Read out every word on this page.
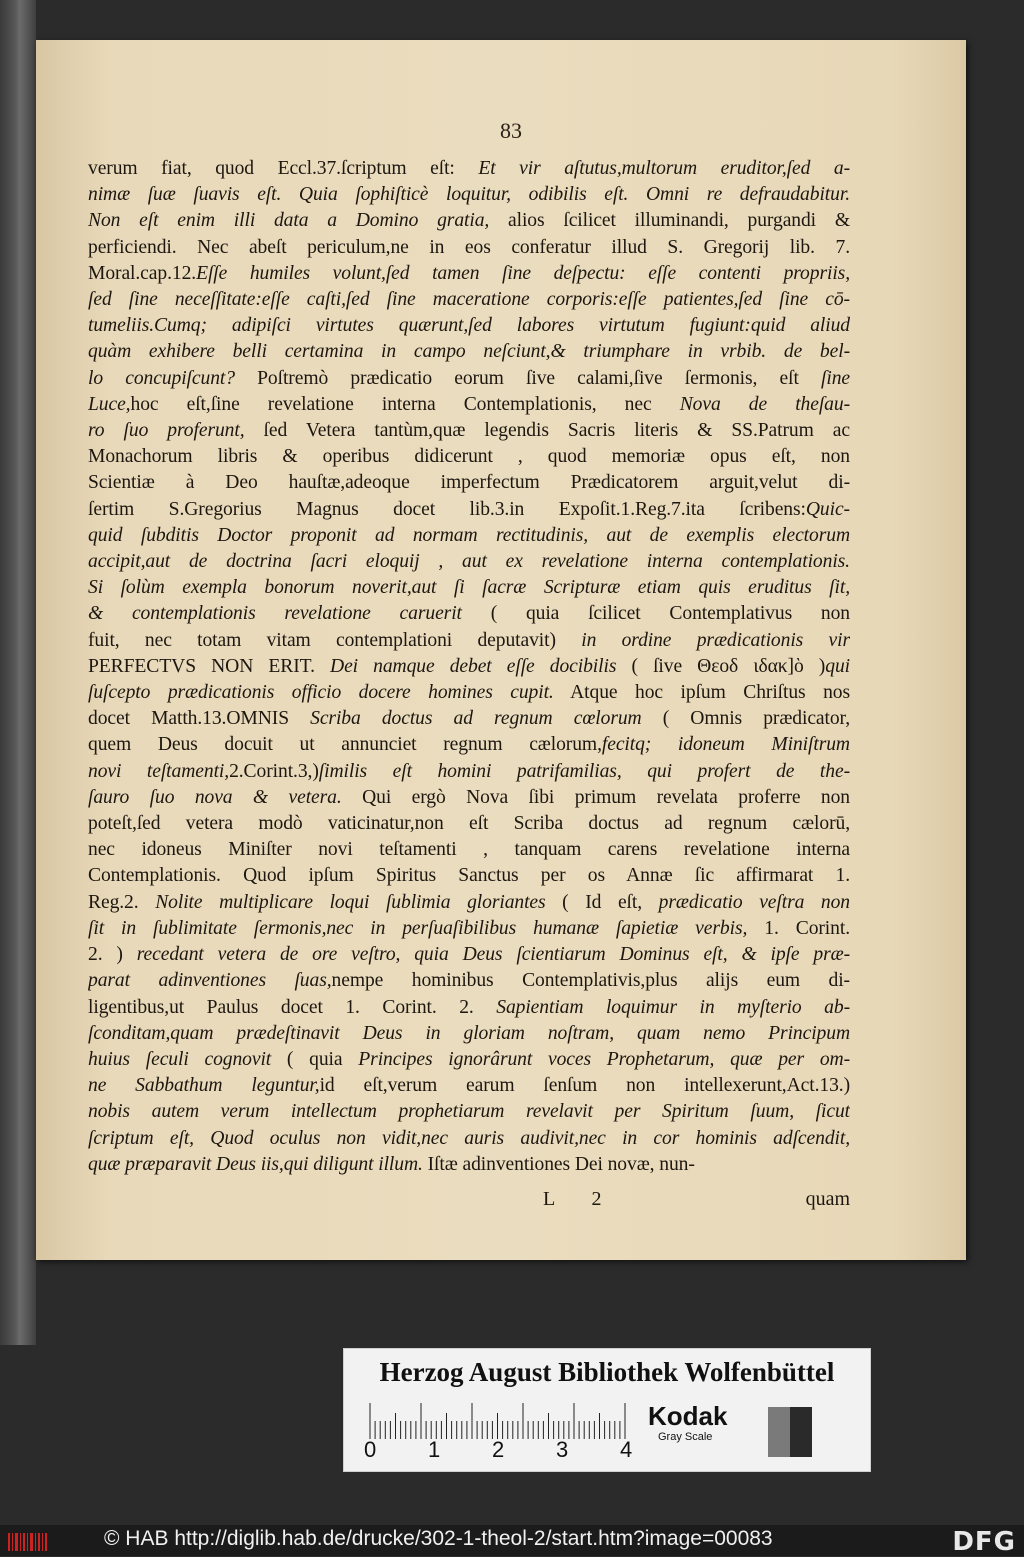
83
verum fiat, quod Eccl.37.ſcriptum eſt: Et vir aſtutus,multorum eruditor,ſed a-
nimæ ſuæ ſuavis eſt. Quia ſophiſticè loquitur, odibilis eſt. Omni re defraudabitur.
Non eſt enim illi data a Domino gratia, alios ſcilicet illuminandi, purgandi &
perficiendi. Nec abeſt periculum,ne in eos conferatur illud S. Gregorij lib. 7.
Moral.cap.12.Eſſe humiles volunt,ſed tamen ſine deſpectu: eſſe contenti propriis,
ſed ſine neceſſitate:eſſe caſti,ſed ſine maceratione corporis:eſſe patientes,ſed ſine cō-
tumeliis.Cumq; adipiſci virtutes quærunt,ſed labores virtutum fugiunt:quid aliud
quàm exhibere belli certamina in campo neſciunt,& triumphare in vrbib. de bel-
lo concupiſcunt? Poſtremò prædicatio eorum ſive calami,ſive ſermonis, eſt ſine
Luce,hoc eſt,ſine revelatione interna Contemplationis, nec Nova de theſau-
ro ſuo proferunt, ſed Vetera tantùm,quæ legendis Sacris literis & SS.Patrum ac
Monachorum libris & operibus didicerunt , quod memoriæ opus eſt, non
Scientiæ à Deo hauſtæ,adeoque imperfectum Prædicatorem arguit,velut di-
ſertim S.Gregorius Magnus docet lib.3.in Expoſit.1.Reg.7.ita ſcribens:Quic-
quid ſubditis Doctor proponit ad normam rectitudinis, aut de exemplis electorum
accipit,aut de doctrina ſacri eloquij , aut ex revelatione interna contemplationis.
Si ſolùm exempla bonorum noverit,aut ſi ſacræ Scripturæ etiam quis eruditus ſit,
& contemplationis revelatione caruerit ( quia ſcilicet Contemplativus non
fuit, nec totam vitam contemplationi deputavit) in ordine prædicationis vir
PERFECTVS NON ERIT. Dei namque debet eſſe docibilis ( ſive Θεοδ ιδακ]ὸ )qui
ſuſcepto prædicationis officio docere homines cupit. Atque hoc ipſum Chriſtus nos
docet Matth.13.OMNIS Scriba doctus ad regnum cœlorum ( Omnis prædicator,
quem Deus docuit ut annunciet regnum cælorum,fecitq; idoneum Miniſtrum
novi teſtamenti,2.Corint.3,)ſimilis eſt homini patrifamilias, qui profert de the-
ſauro ſuo nova & vetera. Qui ergò Nova ſibi primum revelata proferre non
poteſt,ſed vetera modò vaticinatur,non eſt Scriba doctus ad regnum cælorū,
nec idoneus Miniſter novi teſtamenti , tanquam carens revelatione interna
Contemplationis. Quod ipſum Spiritus Sanctus per os Annæ ſic affirmarat 1.
Reg.2. Nolite multiplicare loqui ſublimia gloriantes ( Id eſt, prædicatio veſtra non
ſit in ſublimitate ſermonis,nec in perſuaſibilibus humanæ ſapietiæ verbis, 1. Corint.
2. ) recedant vetera de ore veſtro, quia Deus ſcientiarum Dominus eſt, & ipſe præ-
parat adinventiones ſuas,nempe hominibus Contemplativis,plus alijs eum di-
ligentibus,ut Paulus docet 1. Corint. 2. Sapientiam loquimur in myſterio ab-
ſconditam,quam prædeſtinavit Deus in gloriam noſtram, quam nemo Principum
huius ſeculi cognovit ( quia Principes ignorârunt voces Prophetarum, quæ per om-
ne Sabbathum leguntur,id eſt,verum earum ſenſum non intellexerunt,Act.13.)
nobis autem verum intellectum prophetiarum revelavit per Spiritum ſuum, ſicut
ſcriptum eſt, Quod oculus non vidit,nec auris audivit,nec in cor hominis adſcendit,
quæ præparavit Deus iis,qui diligunt illum. Iſtæ adinventiones Dei novæ, nun-
L 2	quam
Herzog August Bibliothek Wolfenbüttel
0 1 2 3 4
Kodak
Gray Scale
© HAB http://diglib.hab.de/drucke/302-1-theol-2/start.htm?image=00083	DFG
